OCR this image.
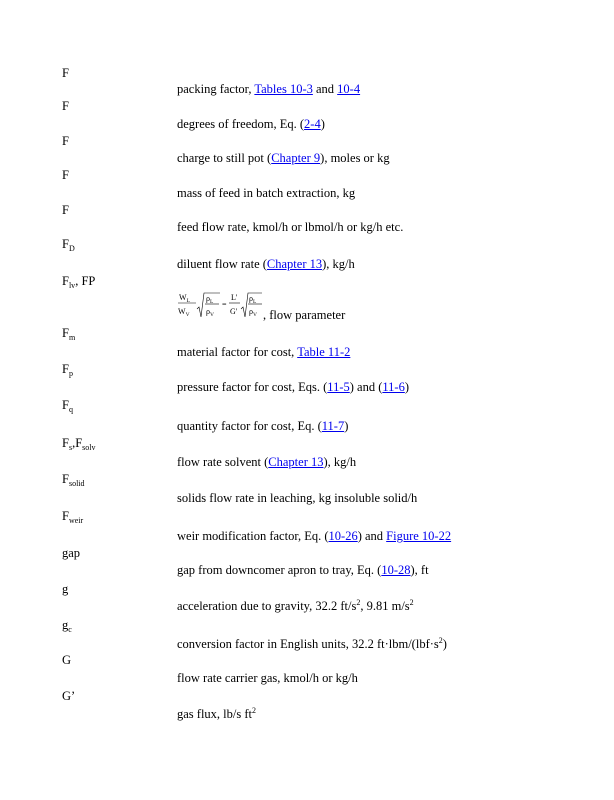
F
packing factor, Tables 10-3 and 10-4
F
degrees of freedom, Eq. (2-4)
F
charge to still pot (Chapter 9), moles or kg
F
mass of feed in batch extraction, kg
F
feed flow rate, kmol/h or lbmol/h or kg/h etc.
$F_D$
diluent flow rate (Chapter 13), kg/h
$F_{lv}$, FP
$W_L$
$W_V$
$\rho_L$
$\rho_V$
=
L'
G'
$\rho_L$
$\rho_V$ , flow parameter
$F_m$
material factor for cost, Table 11-2
$F_p$
pressure factor for cost, Eqs. (11-5) and (11-6)
$F_q$
quantity factor for cost, Eq. (11-7)
$F_s,F_{solv}$
flow rate solvent (Chapter 13), kg/h
$F_{solid}$
solids flow rate in leaching, kg insoluble solid/h
$F_{weir}$
weir modification factor, Eq. (10-26) and Figure 10-22
gap
gap from downcomer apron to tray, Eq. (10-28), ft
g
acceleration due to gravity, 32.2 $ft/s^2$, 9.81 $m/s^2$
$g_c$
conversion factor in English units, 32.2 $ft\cdot lbm/(lbf\cdot s^2)$
G
flow rate carrier gas, kmol/h or kg/h
G’
gas flux, lb/s $ft^2$
